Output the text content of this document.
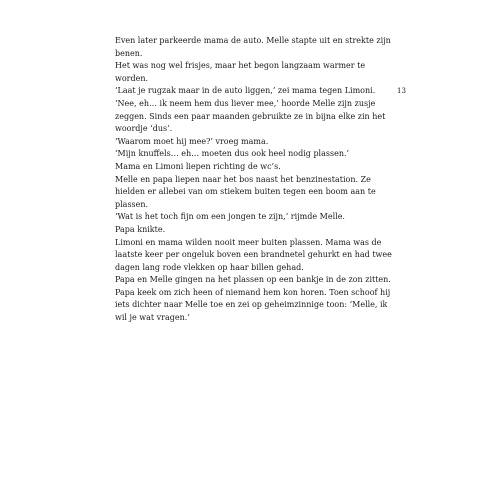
Even later parkeerde mama de auto. Melle stapte uit en strekte zijn
benen.
Het was nog wel frisjes, maar het begon langzaam warmer te
worden.
‘Laat je rugzak maar in de auto liggen,’ zei mama tegen Limoni.
‘Nee, eh… ik neem hem dus liever mee,’ hoorde Melle zijn zusje
zeggen. Sinds een paar maanden gebruikte ze in bijna elke zin het
woordje ‘dus’.
‘Waarom moet hij mee?’ vroeg mama.
‘Mijn knuffels… eh… moeten dus ook heel nodig plassen.’
Mama en Limoni liepen richting de wc’s.
Melle en papa liepen naar het bos naast het benzinestation. Ze
hielden er allebei van om stiekem buiten tegen een boom aan te
plassen.
‘Wat is het toch fijn om een jongen te zijn,’ rijmde Melle.
Papa knikte.
Limoni en mama wilden nooit meer buiten plassen. Mama was de
laatste keer per ongeluk boven een brandnetel gehurkt en had twee
dagen lang rode vlekken op haar billen gehad.
Papa en Melle gingen na het plassen op een bankje in de zon zitten.
Papa keek om zich heen of niemand hem kon horen. Toen schoof hij
iets dichter naar Melle toe en zei op geheimzinnige toon: ‘Melle, ik
wil je wat vragen.’
13
